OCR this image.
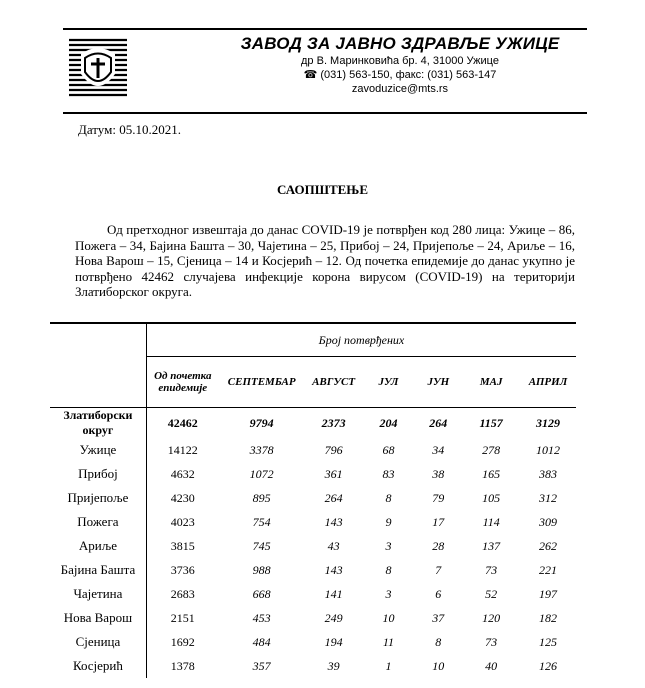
ЗАВОД ЗА ЈАВНО ЗДРАВЉЕ УЖИЦЕ
др В. Маринковића бр. 4, 31000 Ужице
☎ (031) 563-150, факс: (031) 563-147
zavoduzice@mts.rs
Датум: 05.10.2021.
САОПШТЕЊЕ
Од претходног извештаја до данас COVID-19 је потврђен код 280 лица: Ужице – 86, Пожега – 34, Бајина Башта – 30, Чајетина – 25, Прибој – 24, Пријепоље – 24, Ариље – 16, Нова Варош – 15, Сјеница – 14 и Косјерић – 12. Од почетка епидемије до данас укупно је потврђено 42462 случајева инфекције корона вирусом (COVID-19) на територији Златиборског округа.
	Број потврђених						
	Од почетка епидемије	СЕПТЕМБАР	АВГУСТ	ЈУЛ	ЈУН	МАЈ	АПРИЛ
Златиборски округ	42462	9794	2373	204	264	1157	3129
Ужице	14122	3378	796	68	34	278	1012
Прибој	4632	1072	361	83	38	165	383
Пријепоље	4230	895	264	8	79	105	312
Пожега	4023	754	143	9	17	114	309
Ариље	3815	745	43	3	28	137	262
Бајина Башта	3736	988	143	8	7	73	221
Чајетина	2683	668	141	3	6	52	197
Нова Варош	2151	453	249	10	37	120	182
Сјеница	1692	484	194	11	8	73	125
Косјерић	1378	357	39	1	10	40	126
